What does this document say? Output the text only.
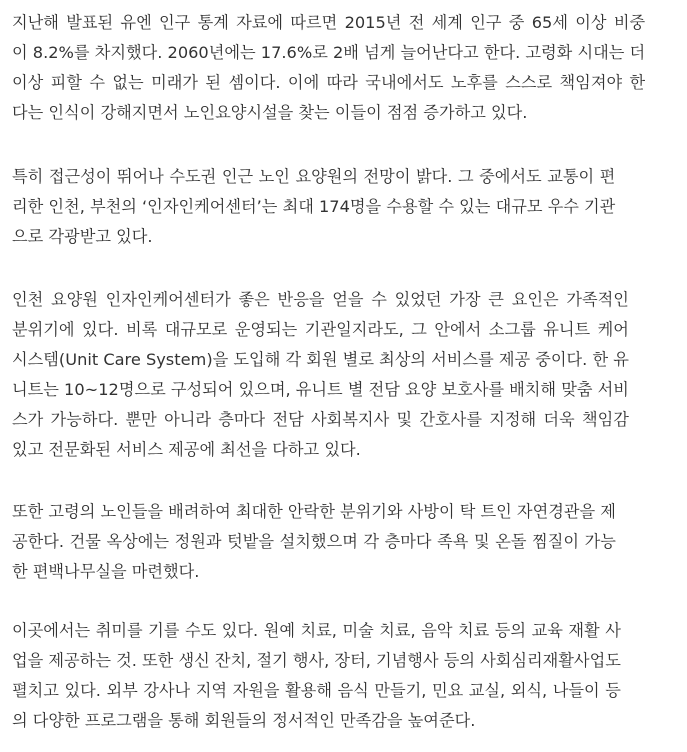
지난해 발표된 유엔 인구 통계 자료에 따르면 2015년 전 세계 인구 중 65세 이상 비중
이 8.2%를 차지했다. 2060년에는 17.6%로 2배 넘게 늘어난다고 한다. 고령화 시대는 더
이상 피할 수 없는 미래가 된 셈이다. 이에 따라 국내에서도 노후를 스스로 책임져야 한
다는 인식이 강해지면서 노인요양시설을 찾는 이들이 점점 증가하고 있다.
특히 접근성이 뛰어나 수도권 인근 노인 요양원의 전망이 밝다. 그 중에서도 교통이 편
리한 인천, 부천의 ‘인자인케어센터’는 최대 174명을 수용할 수 있는 대규모 우수 기관
으로 각광받고 있다.
인천 요양원 인자인케어센터가 좋은 반응을 얻을 수 있었던 가장 큰 요인은 가족적인
분위기에 있다. 비록 대규모로 운영되는 기관일지라도, 그 안에서 소그룹 유니트 케어
시스템(Unit Care System)을 도입해 각 회원 별로 최상의 서비스를 제공 중이다. 한 유
니트는 10~12명으로 구성되어 있으며, 유니트 별 전담 요양 보호사를 배치해 맞춤 서비
스가 가능하다. 뿐만 아니라 층마다 전담 사회복지사 및 간호사를 지정해 더욱 책임감
있고 전문화된 서비스 제공에 최선을 다하고 있다.
또한 고령의 노인들을 배려하여 최대한 안락한 분위기와 사방이 탁 트인 자연경관을 제
공한다. 건물 옥상에는 정원과 텃밭을 설치했으며 각 층마다 족욕 및 온돌 찜질이 가능
한 편백나무실을 마련했다.
이곳에서는 취미를 기를 수도 있다. 원예 치료, 미술 치료, 음악 치료 등의 교육 재활 사
업을 제공하는 것. 또한 생신 잔치, 절기 행사, 장터, 기념행사 등의 사회심리재활사업도
펼치고 있다. 외부 강사나 지역 자원을 활용해 음식 만들기, 민요 교실, 외식, 나들이 등
의 다양한 프로그램을 통해 회원들의 정서적인 만족감을 높여준다.
